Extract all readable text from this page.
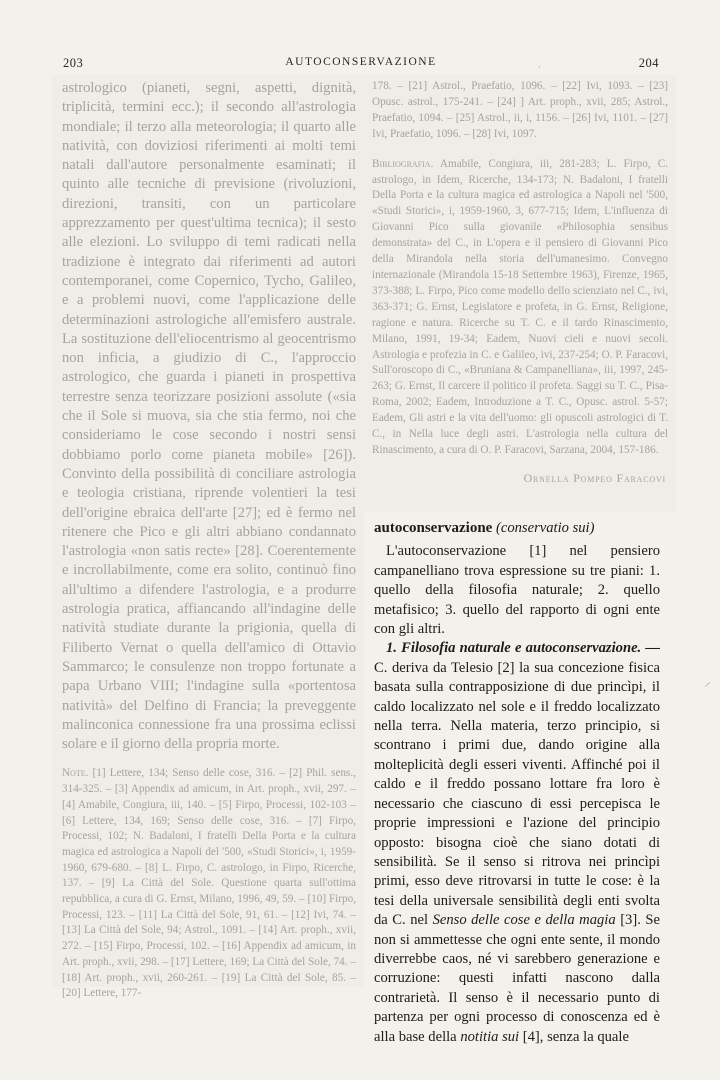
203	AUTOCONSERVAZIONE	204
ˌ
astrologico (pianeti, segni, aspetti, dignità, triplicità, termini ecc.); il secondo all'astrologia mondiale; il terzo alla meteorologia; il quarto alle natività, con doviziosi riferimenti ai molti temi natali dall'autore personalmente esaminati; il quinto alle tecniche di previsione (rivoluzioni, direzioni, transiti, con un particolare apprezzamento per quest'ultima tecnica); il sesto alle elezioni. Lo sviluppo di temi radicati nella tradizione è integrato dai riferimenti ad autori contemporanei, come Copernico, Tycho, Galileo, e a problemi nuovi, come l'applicazione delle determinazioni astrologiche all'emisfero australe. La sostituzione dell'eliocentrismo al geocentrismo non inficia, a giudizio di C., l'approccio astrologico, che guarda i pianeti in prospettiva terrestre senza teorizzare posizioni assolute («sia che il Sole si muova, sia che stia fermo, noi che consideriamo le cose secondo i nostri sensi dobbiamo porlo come pianeta mobile» [26]). Convinto della possibilità di conciliare astrologia e teologia cristiana, riprende volentieri la tesi dell'origine ebraica dell'arte [27]; ed è fermo nel ritenere che Pico e gli altri abbiano condannato l'astrologia «non satis recte» [28]. Coerentemente e incrollabilmente, come era solito, continuò fino all'ultimo a difendere l'astrologia, e a produrre astrologia pratica, affiancando all'indagine delle natività studiate durante la prigionia, quella di Filiberto Vernat o quella dell'amico di Ottavio Sammarco; le consulenze non troppo fortunate a papa Urbano VIII; l'indagine sulla «portentosa natività» del Delfino di Francia; la preveggente malinconica connessione fra una prossima eclissi solare e il giorno della propria morte.
Note. [1] Lettere, 134; Senso delle cose, 316. – [2] Phil. sens., 314-325. – [3] Appendix ad amicum, in Art. proph., xvii, 297. – [4] Amabile, Congiura, iii, 140. – [5] Firpo, Processi, 102-103 – [6] Lettere, 134, 169; Senso delle cose, 316. – [7] Firpo, Processi, 102; N. Badaloni, I fratelli Della Porta e la cultura magica ed astrologica a Napoli del '500, «Studi Storici», i, 1959-1960, 679-680. – [8] L. Firpo, C. astrologo, in Firpo, Ricerche, 137. – [9] La Città del Sole. Questione quarta sull'ottima repubblica, a cura di G. Ernst, Milano, 1996, 49, 59. – [10] Firpo, Processi, 123. – [11] La Città del Sole, 91, 61. – [12] Ivi, 74. – [13] La Città del Sole, 94; Astrol., 1091. – [14] Art. proph., xvii, 272. – [15] Firpo, Processi, 102. – [16] Appendix ad amicum, in Art. proph., xvii, 298. – [17] Lettere, 169; La Città del Sole, 74. – [18] Art. proph., xvii, 260-261. – [19] La Città del Sole, 85. – [20] Lettere, 177-

178. – [21] Astrol., Praefatio, 1096. – [22] Ivi, 1093. – [23] Opusc. astrol., 175-241. – [24] ] Art. proph., xvii, 285; Astrol., Praefatio, 1094. – [25] Astrol., ii, i, 1156. – [26] Ivi, 1101. – [27] Ivi, Praefatio, 1096. – [28] Ivi, 1097.

Bibliografia. Amabile, Congiura, iii, 281-283; L. Firpo, C. astrologo, in Idem, Ricerche, 134-173; N. Badaloni, I fratelli Della Porta e la cultura magica ed astrologica a Napoli nel '500, «Studi Storici», i, 1959-1960, 3, 677-715; Idem, L'influenza di Giovanni Pico sulla giovanile «Philosophia sensibus demonstrata» del C., in L'opera e il pensiero di Giovanni Pico della Mirandola nella storia dell'umanesimo. Convegno internazionale (Mirandola 15-18 Settembre 1963), Firenze, 1965, 373-388; L. Firpo, Pico come modello dello scienziato nel C., ivi, 363-371; G. Ernst, Legislatore e profeta, in G. Ernst, Religione, ragione e natura. Ricerche su T. C. e il tardo Rinascimento, Milano, 1991, 19-34; Eadem, Nuovi cieli e nuovi secoli. Astrologia e profezia in C. e Galileo, ivi, 237-254; O. P. Faracovi, Sull'oroscopo di C., «Bruniana & Campanelliana», iii, 1997, 245-263; G. Ernst, Il carcere il politico il profeta. Saggi su T. C., Pisa-Roma, 2002; Eadem, Introduzione a T. C., Opusc. astrol. 5-57; Eadem, Gli astri e la vita dell'uomo: gli opuscoli astrologici di T. C., in Nella luce degli astri. L'astrologia nella cultura del Rinascimento, a cura di O. P. Faracovi, Sarzana, 2004, 157-186.

Ornella Pompeo Faracovi

autoconservazione (conservatio sui)

L'autoconservazione [1] nel pensiero campanelliano trova espressione su tre piani: 1. quello della filosofia naturale; 2. quello metafisico; 3. quello del rapporto di ogni ente con gli altri.

1. Filosofia naturale e autoconservazione. — C. deriva da Telesio [2] la sua concezione fisica basata sulla contrapposizione di due princìpi, il caldo localizzato nel sole e il freddo localizzato nella terra. Nella materia, terzo principio, si scontrano i primi due, dando origine alla molteplicità degli esseri viventi. Affinché poi il caldo e il freddo possano lottare fra loro è necessario che ciascuno di essi percepisca le proprie impressioni e l'azione del principio opposto: bisogna cioè che siano dotati di sensibilità. Se il senso si ritrova nei princìpi primi, esso deve ritrovarsi in tutte le cose: è la tesi della universale sensibilità degli enti svolta da C. nel Senso delle cose e della magia [3]. Se non si ammettesse che ogni ente sente, il mondo diverrebbe caos, né vi sarebbero generazione e corruzione: questi infatti nascono dalla contrarietà. Il senso è il necessario punto di partenza per ogni processo di conoscenza ed è alla base della notitia sui [4], senza la quale

⸝
